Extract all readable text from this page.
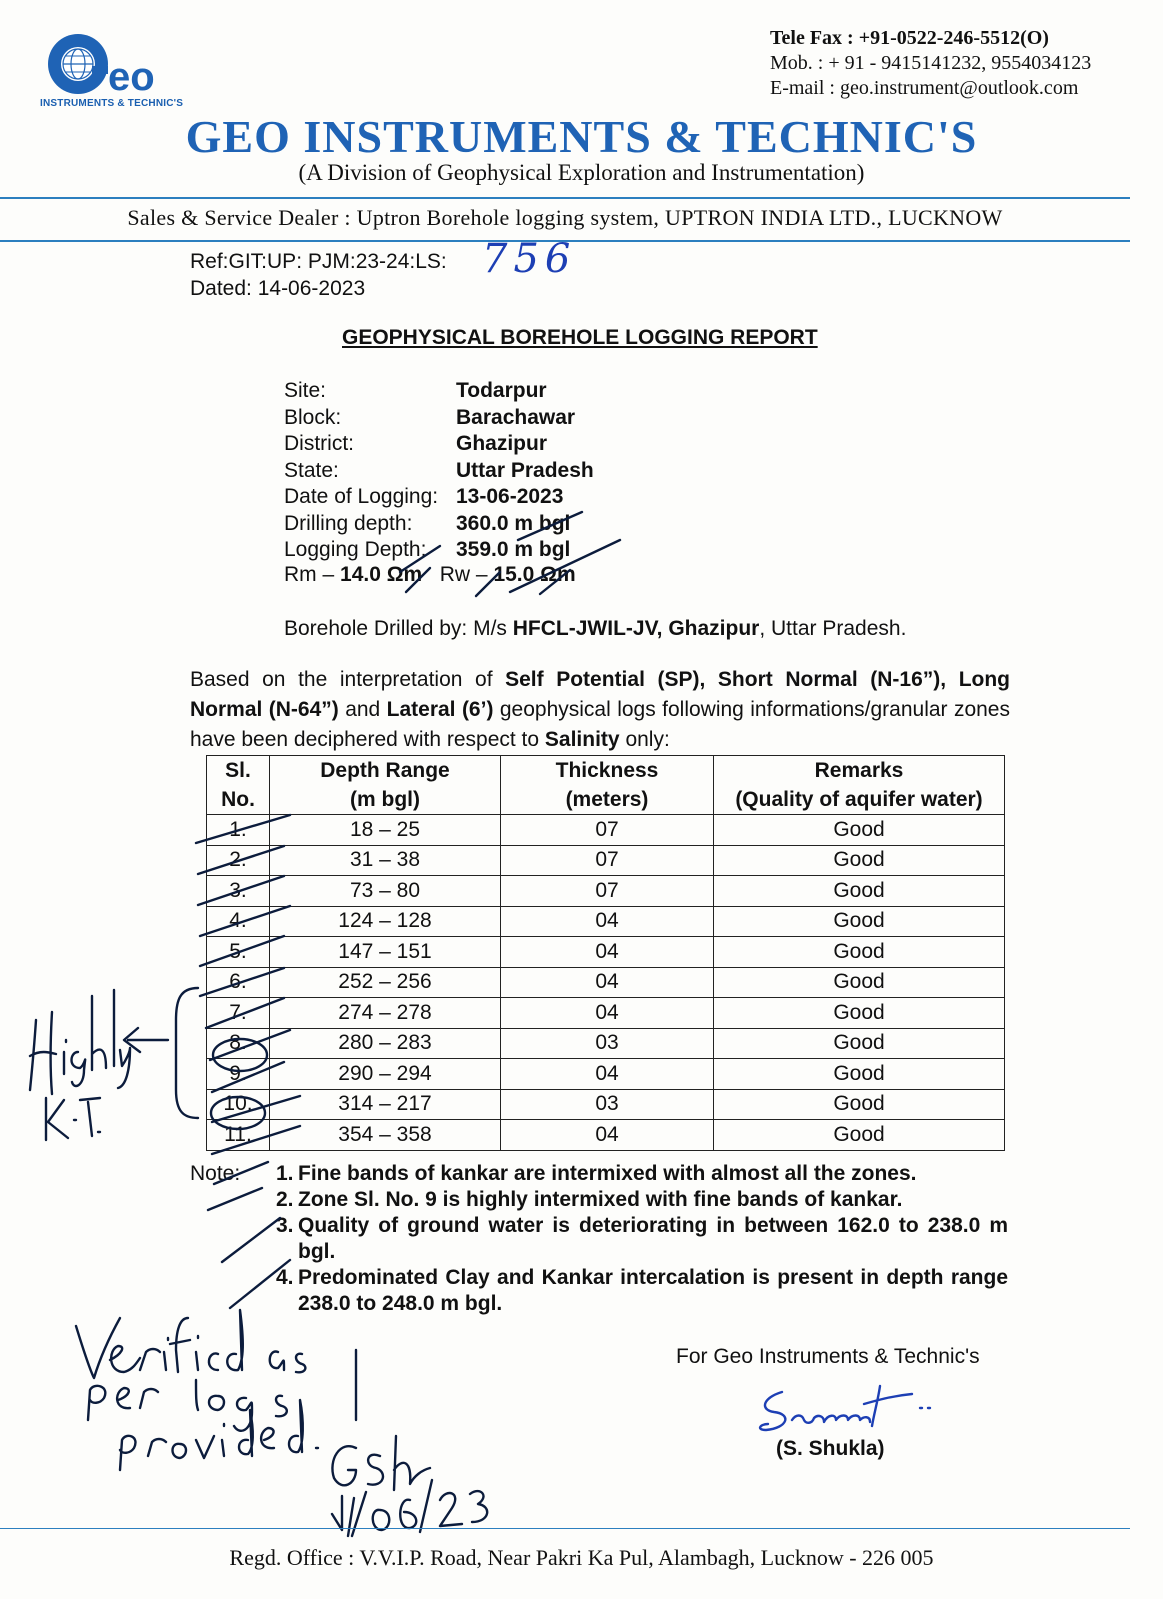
eo
INSTRUMENTS & TECHNIC'S
Tele Fax : +91-0522-246-5512(O)
Mob. : + 91 - 9415141232, 9554034123
E-mail : geo.instrument@outlook.com
GEO INSTRUMENTS & TECHNIC'S
(A Division of Geophysical Exploration and Instrumentation)
Sales & Service Dealer : Uptron Borehole logging system, UPTRON INDIA LTD., LUCKNOW
Ref:GIT:UP: PJM:23-24:LS:
Dated: 14-06-2023
756
GEOPHYSICAL BOREHOLE LOGGING REPORT
Site:	Todarpur
Block:	Barachawar
District:	Ghazipur
State:	Uttar Pradesh
Date of Logging: 13-06-2023
Drilling depth:	360.0 m bgl
Logging Depth:	359.0 m bgl
Rm – 14.0 Ωm Rw – 15.0 Ωm
Borehole Drilled by: M/s HFCL-JWIL-JV, Ghazipur, Uttar Pradesh.
Based on the interpretation of Self Potential (SP), Short Normal (N-16”), Long Normal (N-64”) and Lateral (6’) geophysical logs following informations/granular zones have been deciphered with respect to Salinity only:
Sl.	Depth Range	Thickness	Remarks
No.	(m bgl)	(meters)	(Quality of aquifer water)
1.	18 – 25	07	Good
2.	31 – 38	07	Good
3.	73 – 80	07	Good
4.	124 – 128	04	Good
5.	147 – 151	04	Good
6.	252 – 256	04	Good
7.	274 – 278	04	Good
8.	280 – 283	03	Good
9.	290 – 294	04	Good
10.	314 – 217	03	Good
11.	354 – 358	04	Good
Note:	1. Fine bands of kankar are intermixed with almost all the zones.
2. Zone Sl. No. 9 is highly intermixed with fine bands of kankar.
3. Quality of ground water is deteriorating in between 162.0 to 238.0 m bgl.
4. Predominated Clay and Kankar intercalation is present in depth range 238.0 to 248.0 m bgl.
For Geo Instruments & Technic's
(S. Shukla)
Regd. Office : V.V.I.P. Road, Near Pakri Ka Pul, Alambagh, Lucknow - 226 005
